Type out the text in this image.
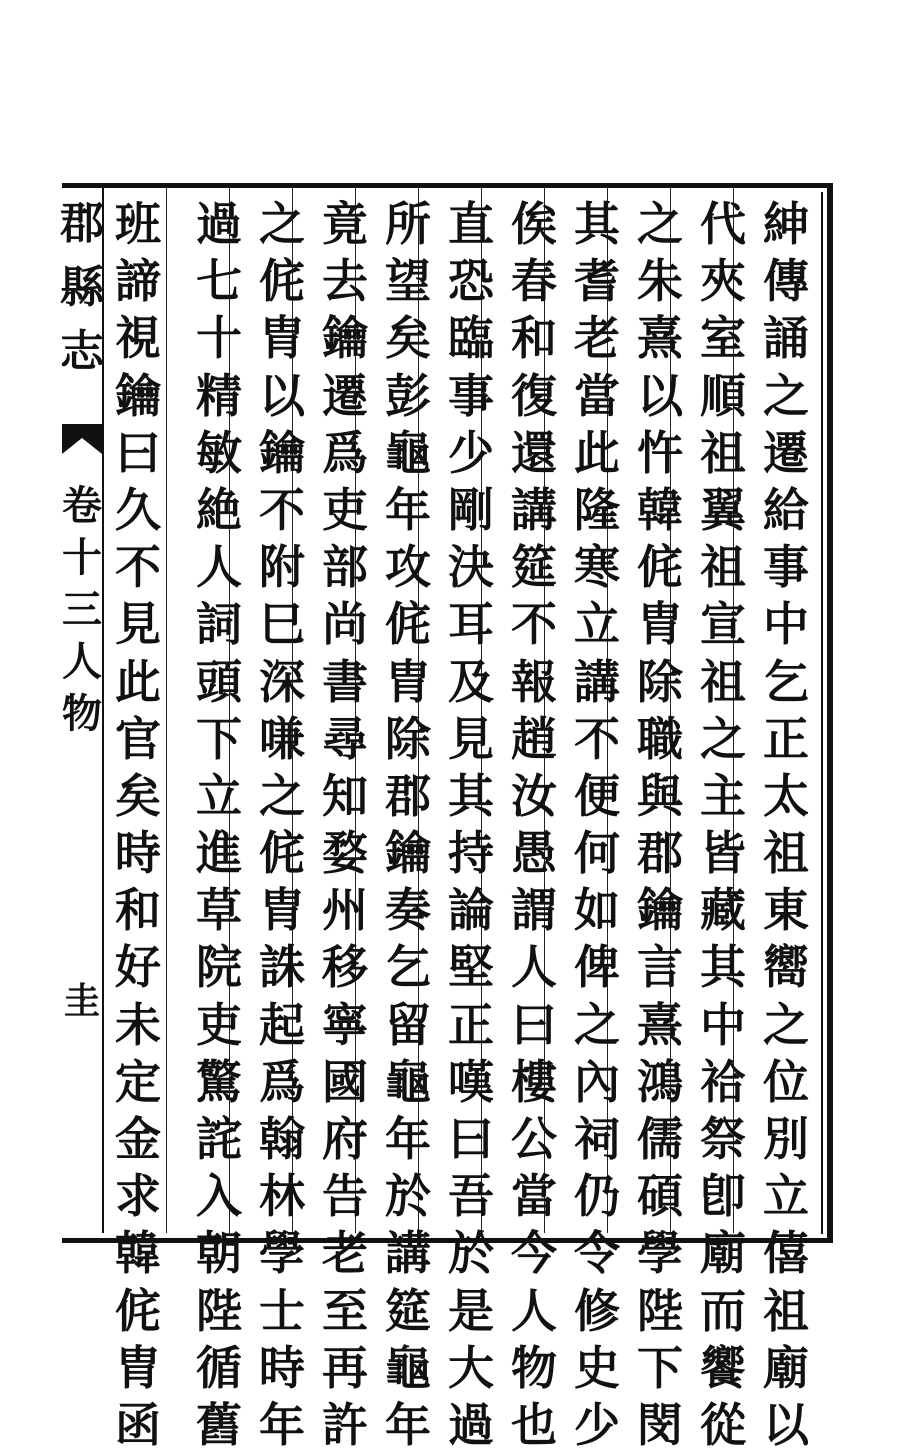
紳
傳
誦
之
遷
給
事
中
乞
正
太
祖
東
嚮
之
位
別
立
僖
祖
廟
以
代
夾
室
順
祖
翼
祖
宣
祖
之
主
皆
藏
其
中
祫
祭
卽
廟
而
饗
從
之
朱
熹
以
忤
韓
侂
胄
除
職
與
郡
鑰
言
熹
鴻
儒
碩
學
陛
下
閔
其
耆
老
當
此
隆
寒
立
講
不
便
何
如
俾
之
內
祠
仍
令
修
史
少
俟
春
和
復
還
講
筵
不
報
趙
汝
愚
謂
人
曰
樓
公
當
今
人
物
也
直
恐
臨
事
少
剛
決
耳
及
見
其
持
論
堅
正
嘆
曰
吾
於
是
大
過
所
望
矣
彭
龜
年
攻
侂
胄
除
郡
鑰
奏
乞
留
龜
年
於
講
筵
龜
年
竟
去
鑰
遷
爲
吏
部
尚
書
尋
知
婺
州
移
寧
國
府
告
老
至
再
許
之
侂
胄
以
鑰
不
附
巳
深
嗛
之
侂
胄
誅
起
爲
翰
林
學
士
時
年
過
七
十
精
敏
絶
人
詞
頭
下
立
進
草
院
吏
驚
詫
入
朝
陛
循
舊
班
諦
視
鑰
曰
久
不
見
此
官
矣
時
和
好
未
定
金
求
韓
侂
胄
函
郡
縣
志
卷
十
三
人
物
圭
